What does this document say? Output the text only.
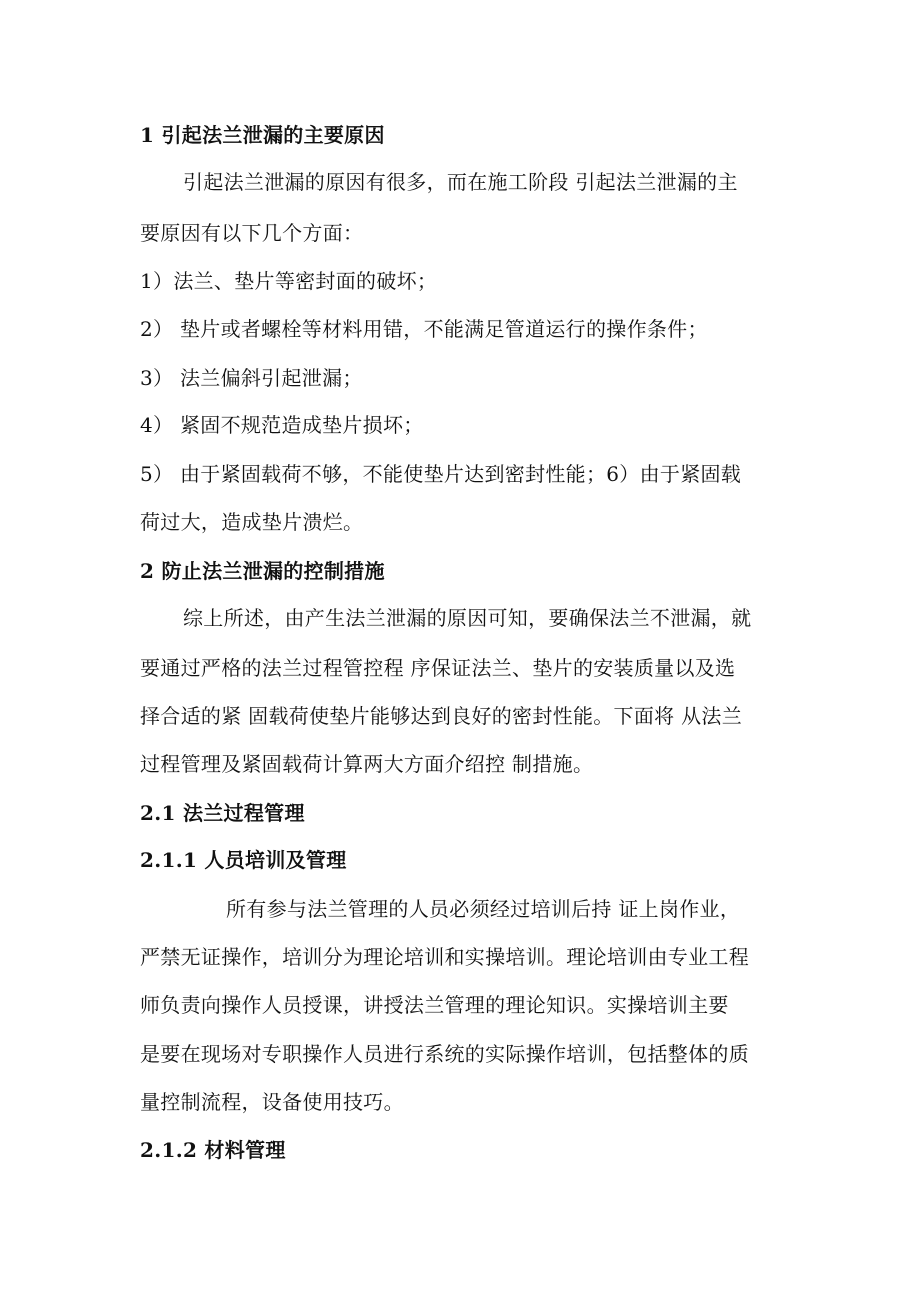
1 引起法兰泄漏的主要原因
引起法兰泄漏的原因有很多，而在施工阶段 引起法兰泄漏的主
要原因有以下几个方面：
1）法兰、垫片等密封面的破坏；
2） 垫片或者螺栓等材料用错，不能满足管道运行的操作条件；
3） 法兰偏斜引起泄漏；
4） 紧固不规范造成垫片损坏；
5） 由于紧固载荷不够，不能使垫片达到密封性能；6）由于紧固载
荷过大，造成垫片溃烂。
2 防止法兰泄漏的控制措施
综上所述，由产生法兰泄漏的原因可知，要确保法兰不泄漏，就
要通过严格的法兰过程管控程 序保证法兰、垫片的安装质量以及选
择合适的紧 固载荷使垫片能够达到良好的密封性能。下面将 从法兰
过程管理及紧固载荷计算两大方面介绍控 制措施。
2.1 法兰过程管理
2.1.1 人员培训及管理
所有参与法兰管理的人员必须经过培训后持 证上岗作业，
严禁无证操作，培训分为理论培训和实操培训。理论培训由专业工程
师负责向操作人员授课，讲授法兰管理的理论知识。实操培训主要
是要在现场对专职操作人员进行系统的实际操作培训，包括整体的质
量控制流程，设备使用技巧。
2.1.2 材料管理
